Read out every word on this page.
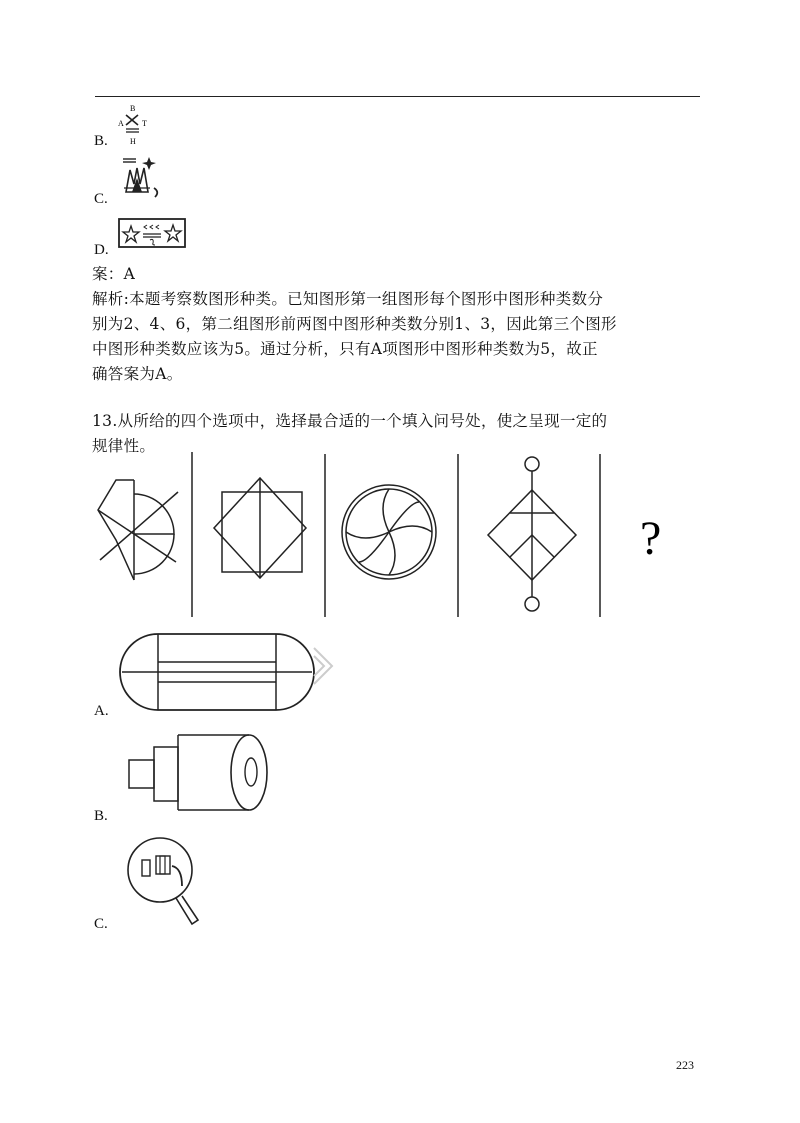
B
A T
H
B.
C.
D.
案：A
解析:本题考察数图形种类。已知图形第一组图形每个图形中图形种类数分
别为2、4、6，第二组图形前两图中图形种类数分别1、3，因此第三个图形
中图形种类数应该为5。通过分析，只有A项图形中图形种类数为5，故正
确答案为A。
13.从所给的四个选项中，选择最合适的一个填入问号处，使之呈现一定的
规律性。
?
A.
B.
C.
223
